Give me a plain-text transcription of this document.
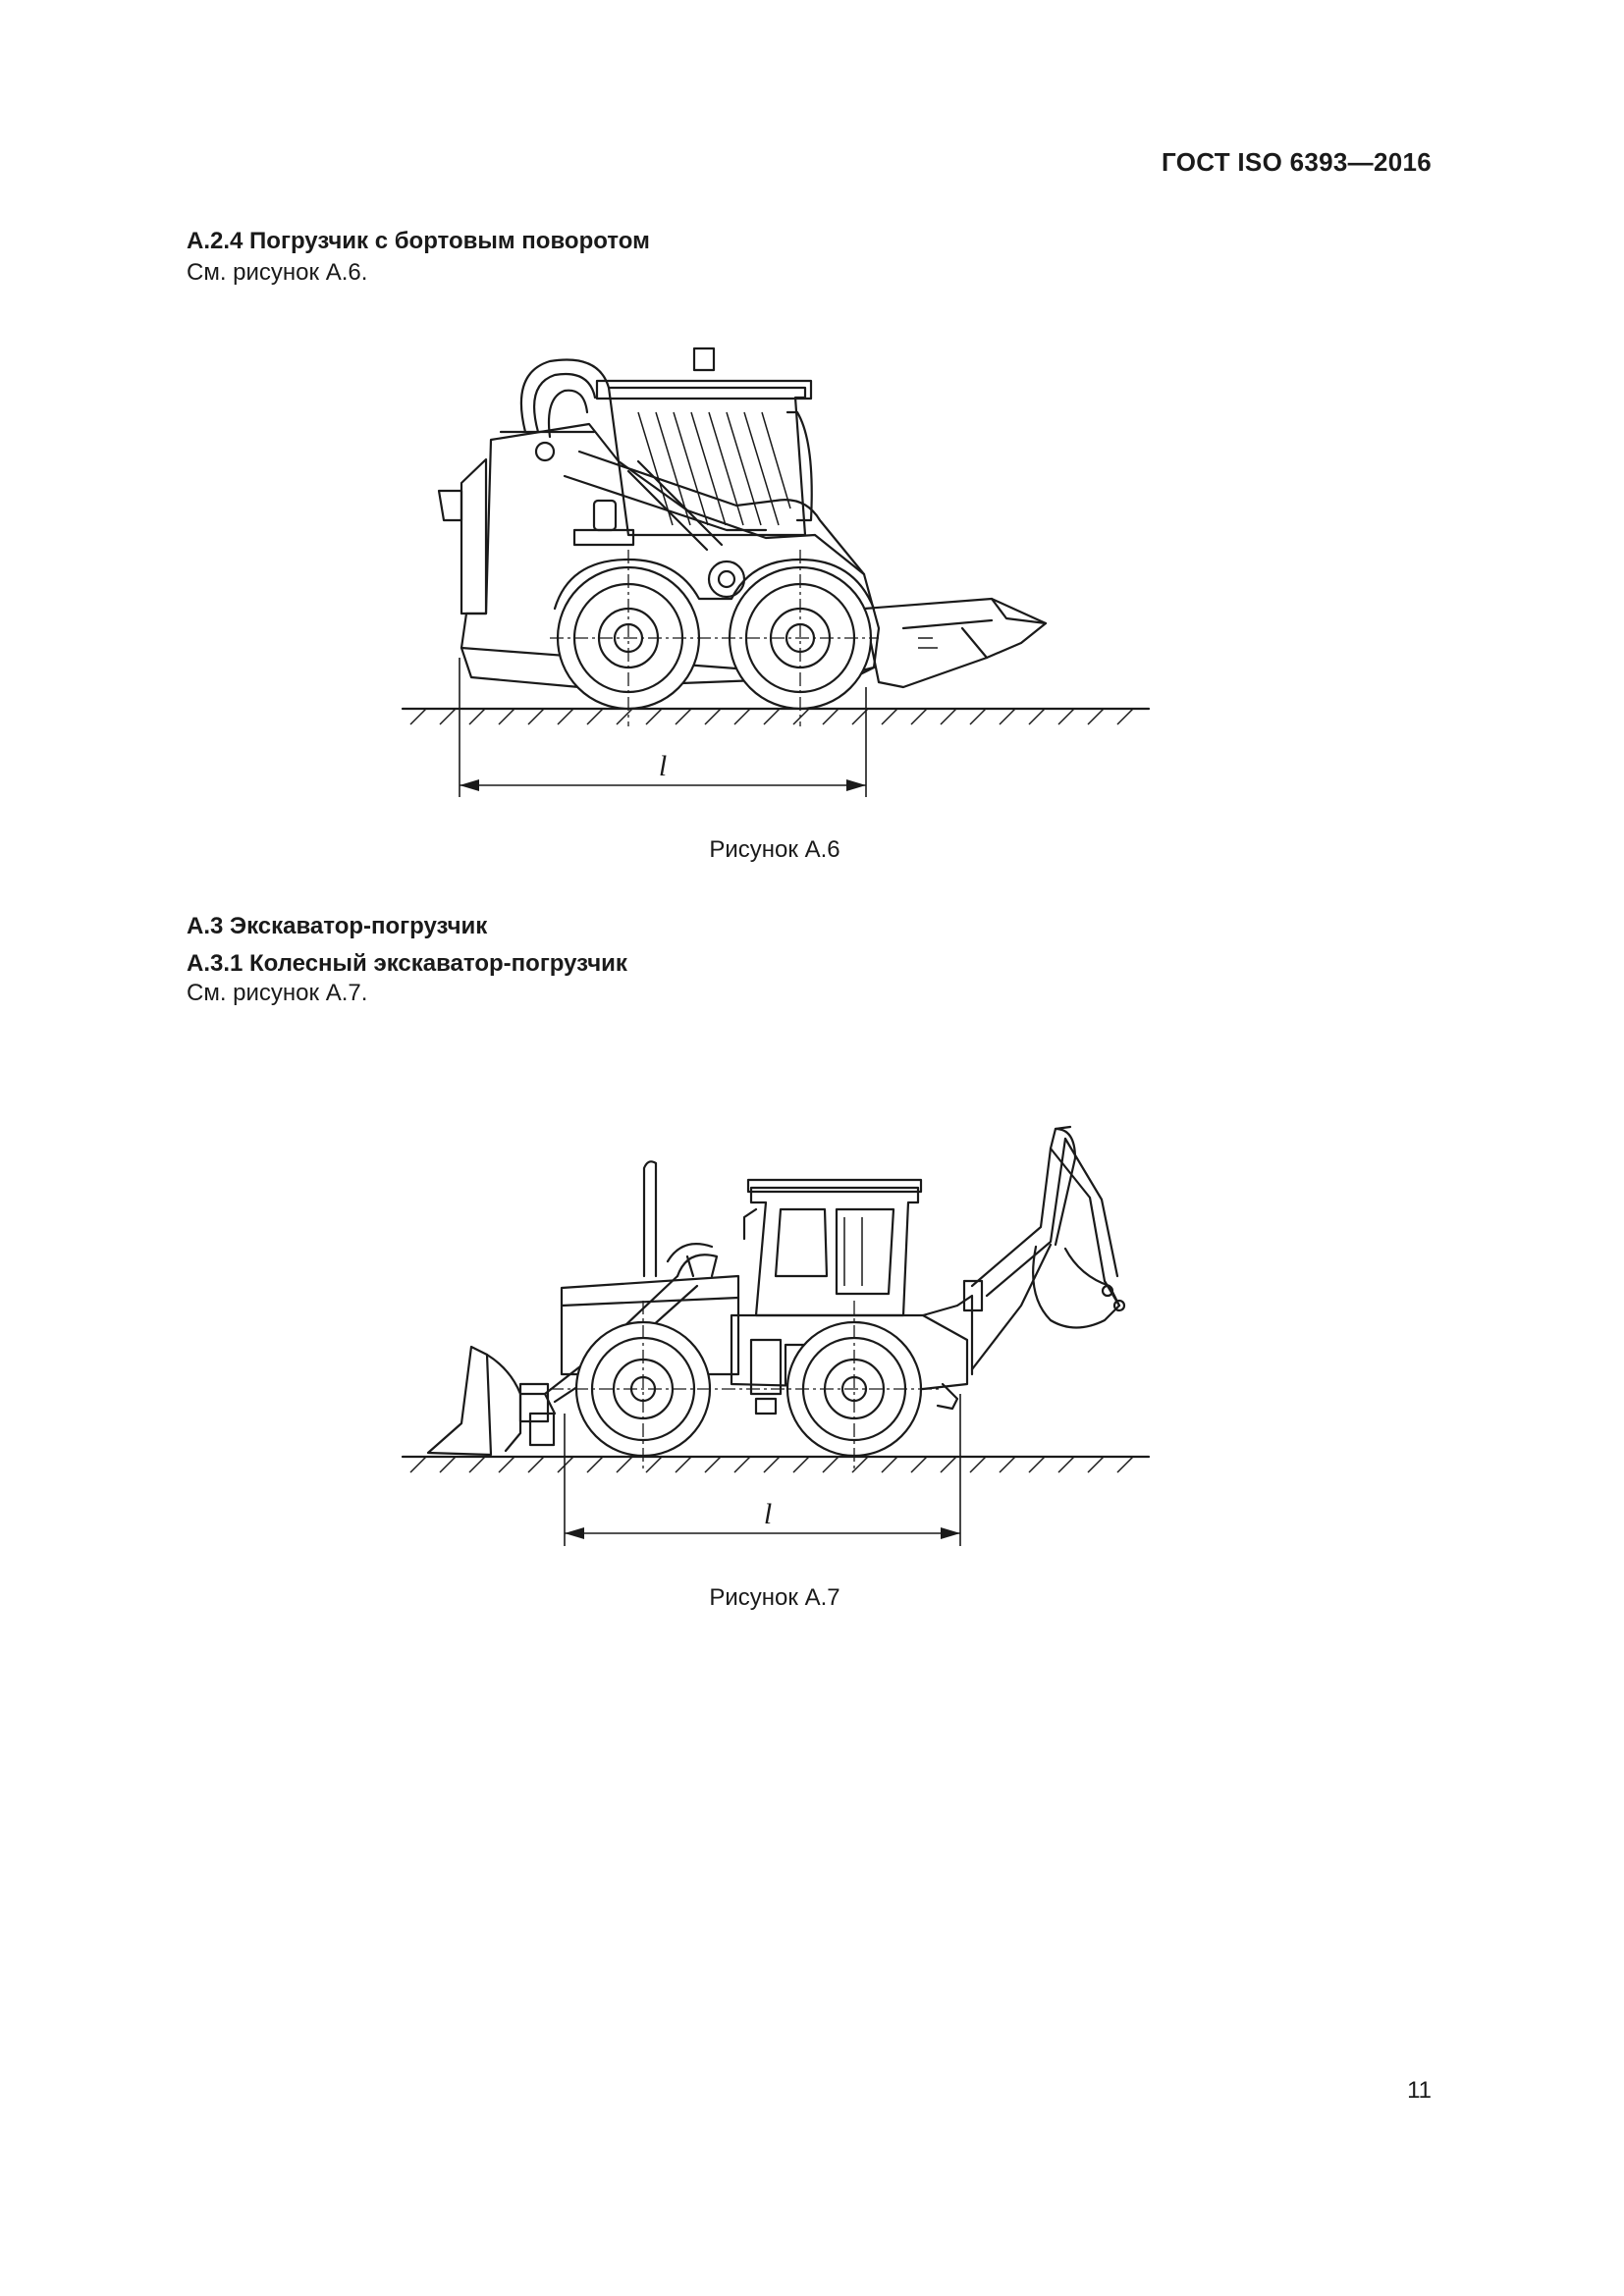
ГОСТ ISO 6393—2016
А.2.4 Погрузчик с бортовым поворотом
См. рисунок А.6.
l
Рисунок А.6
А.3 Экскаватор-погрузчик
А.3.1 Колесный экскаватор-погрузчик
См. рисунок А.7.
l
Рисунок А.7
11
